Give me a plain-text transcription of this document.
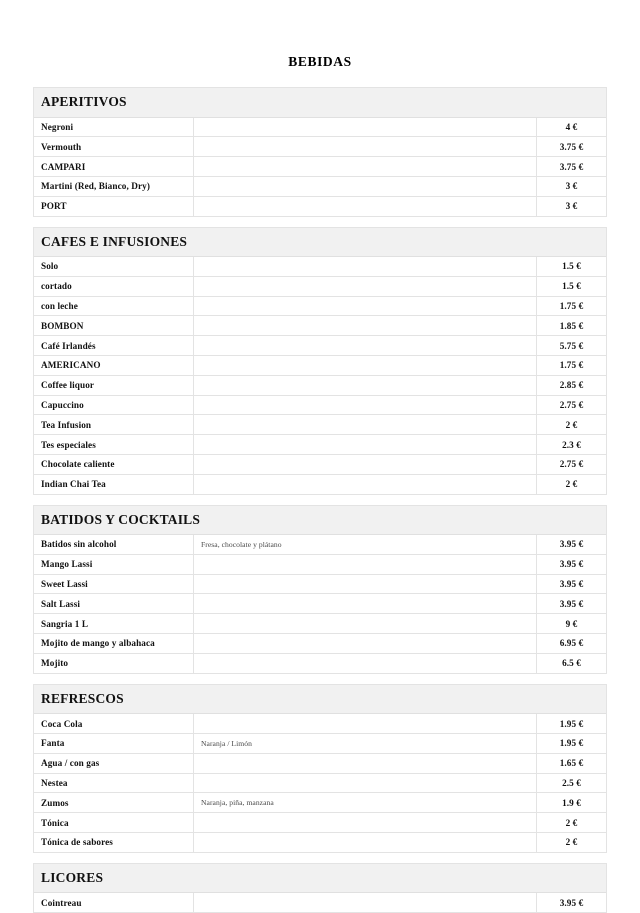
BEBIDAS
APERITIVOS
Negroni		4 €
Vermouth		3.75 €
CAMPARI		3.75 €
Martini (Red, Bianco, Dry)		3 €
PORT		3 €
CAFES E INFUSIONES
Solo		1.5 €
cortado		1.5 €
con leche		1.75 €
BOMBON		1.85 €
Café Irlandés		5.75 €
AMERICANO		1.75 €
Coffee liquor		2.85 €
Capuccino		2.75 €
Tea Infusion		2 €
Tes especiales		2.3 €
Chocolate caliente		2.75 €
Indian Chai Tea		2 €
BATIDOS Y COCKTAILS
Batidos sin alcohol	Fresa, chocolate y plátano	3.95 €
Mango Lassi		3.95 €
Sweet Lassi		3.95 €
Salt Lassi		3.95 €
Sangria 1 L		9 €
Mojito de mango y albahaca		6.95 €
Mojito		6.5 €
REFRESCOS
Coca Cola		1.95 €
Fanta	Naranja / Limón	1.95 €
Agua / con gas		1.65 €
Nestea		2.5 €
Zumos	Naranja, piña, manzana	1.9 €
Tónica		2 €
Tónica de sabores		2 €
LICORES
Cointreau		3.95 €
